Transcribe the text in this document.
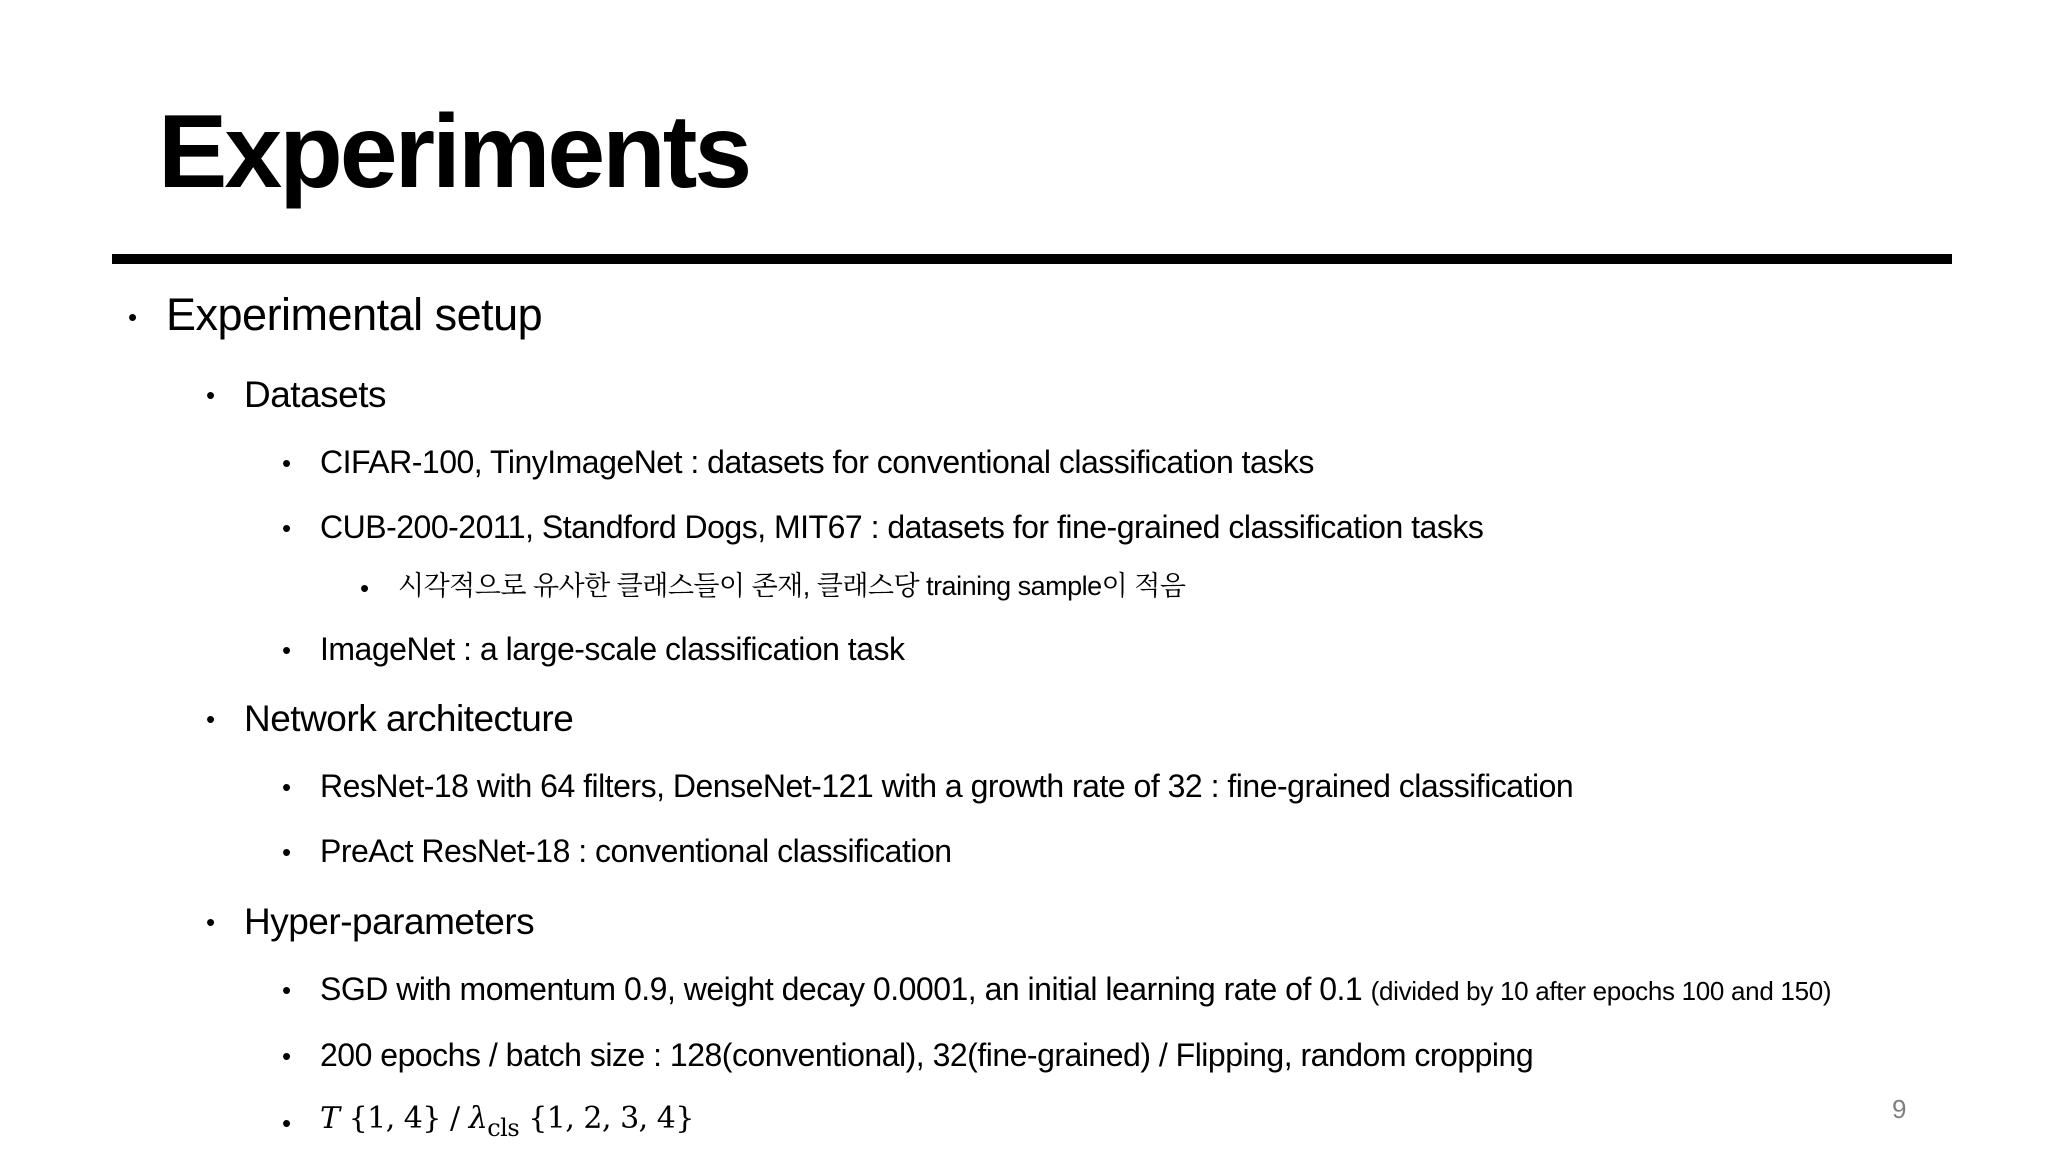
Experiments
• Experimental setup
• Datasets
• CIFAR-100, TinyImageNet : datasets for conventional classification tasks
• CUB-200-2011, Standford Dogs, MIT67 : datasets for fine-grained classification tasks
• 시각적으로 유사한 클래스들이 존재, 클래스당 training sample이 적음
• ImageNet : a large-scale classification task
• Network architecture
• ResNet-18 with 64 filters, DenseNet-121 with a growth rate of 32 : fine-grained classification
• PreAct ResNet-18 : conventional classification
• Hyper-parameters
• SGD with momentum 0.9, weight decay 0.0001, an initial learning rate of 0.1 (divided by 10 after epochs 100 and 150)
• 200 epochs / batch size : 128(conventional), 32(fine-grained) / Flipping, random cropping
• T {1, $4\} / \lambda_{cls}$ {1, 2, 3, 4}	9
